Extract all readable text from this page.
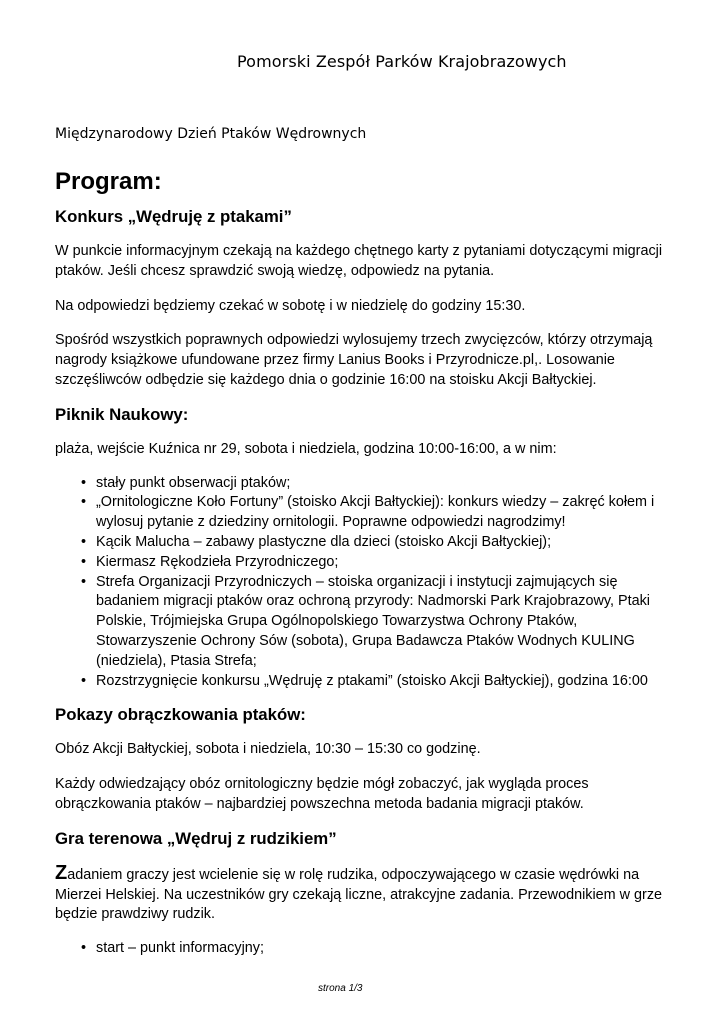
Pomorski Zespół Parków Krajobrazowych
Międzynarodowy Dzień Ptaków Wędrownych
Program:
Konkurs „Wędruję z ptakami”

W punkcie informacyjnym czekają na każdego chętnego karty z pytaniami dotyczącymi migracji ptaków. Jeśli chcesz sprawdzić swoją wiedzę, odpowiedz na pytania.

Na odpowiedzi będziemy czekać w sobotę i w niedzielę do godziny 15:30.

Spośród wszystkich poprawnych odpowiedzi wylosujemy trzech zwycięzców, którzy otrzymają nagrody książkowe ufundowane przez firmy Lanius Books i Przyrodnicze.pl,. Losowanie szczęśliwców odbędzie się każdego dnia o godzinie 16:00 na stoisku Akcji Bałtyckiej.

Piknik Naukowy:

plaża, wejście Kuźnica nr 29, sobota i niedziela, godzina 10:00-16:00, a w nim:

• stały punkt obserwacji ptaków;
• „Ornitologiczne Koło Fortuny” (stoisko Akcji Bałtyckiej): konkurs wiedzy – zakręć kołem i wylosuj pytanie z dziedziny ornitologii. Poprawne odpowiedzi nagrodzimy!
• Kącik Malucha – zabawy plastyczne dla dzieci (stoisko Akcji Bałtyckiej);
• Kiermasz Rękodzieła Przyrodniczego;
• Strefa Organizacji Przyrodniczych – stoiska organizacji i instytucji zajmujących się badaniem migracji ptaków oraz ochroną przyrody: Nadmorski Park Krajobrazowy, Ptaki Polskie, Trójmiejska Grupa Ogólnopolskiego Towarzystwa Ochrony Ptaków, Stowarzyszenie Ochrony Sów (sobota), Grupa Badawcza Ptaków Wodnych KULING (niedziela), Ptasia Strefa;
• Rozstrzygnięcie konkursu „Wędruję z ptakami” (stoisko Akcji Bałtyckiej), godzina 16:00
Pokazy obrączkowania ptaków:

Obóz Akcji Bałtyckiej, sobota i niedziela, 10:30 – 15:30 co godzinę.

Każdy odwiedzający obóz ornitologiczny będzie mógł zobaczyć, jak wygląda proces obrączkowania ptaków – najbardziej powszechna metoda badania migracji ptaków.

Gra terenowa „Wędruj z rudzikiem”

Zadaniem graczy jest wcielenie się w rolę rudzika, odpoczywającego w czasie wędrówki na Mierzei Helskiej. Na uczestników gry czekają liczne, atrakcyjne zadania. Przewodnikiem w grze będzie prawdziwy rudzik.

• start – punkt informacyjny;
strona 1/3
